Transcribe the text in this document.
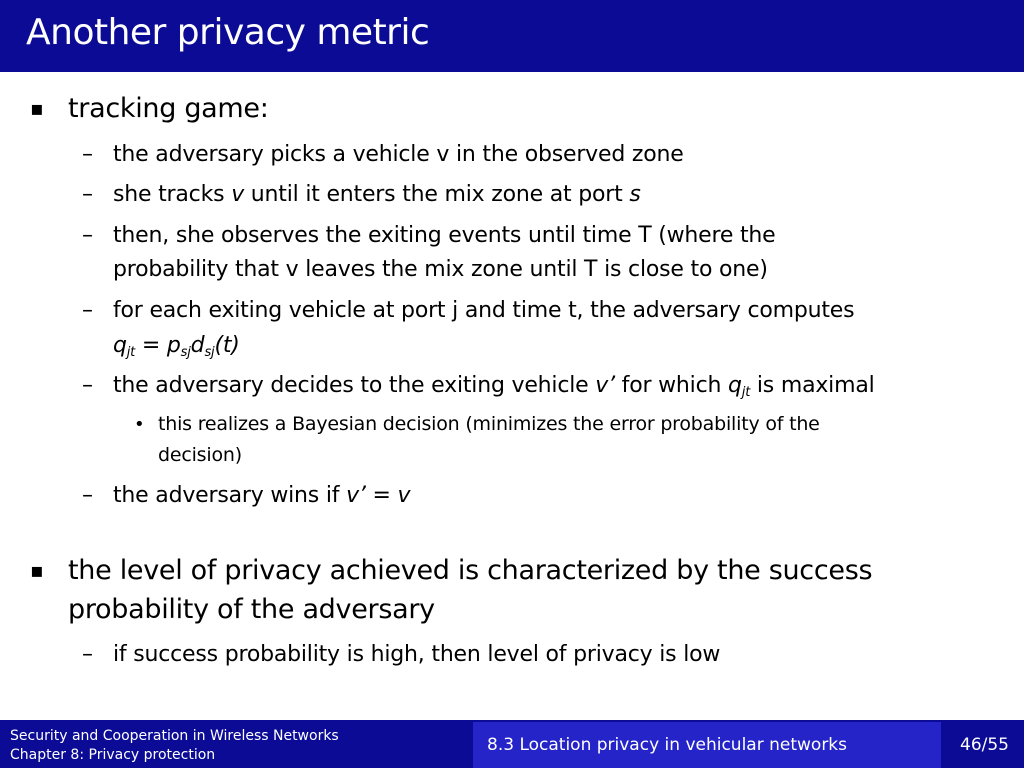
Another privacy metric
▪ tracking game:
– the adversary picks a vehicle v in the observed zone
– she tracks v until it enters the mix zone at port s
– then, she observes the exiting events until time T (where the
probability that v leaves the mix zone until T is close to one)
– for each exiting vehicle at port j and time t, the adversary computes
$q_{jt} = p_{sj}d_{sj}(t)$
– the adversary decides to the exiting vehicle v’ for which $q_{jt}$ is maximal
• this realizes a Bayesian decision (minimizes the error probability of the
decision)
– the adversary wins if v’ = v
▪ the level of privacy achieved is characterized by the success
probability of the adversary
– if success probability is high, then level of privacy is low
Security and Cooperation in Wireless Networks
Chapter 8: Privacy protection	8.3 Location privacy in vehicular networks	46/55
